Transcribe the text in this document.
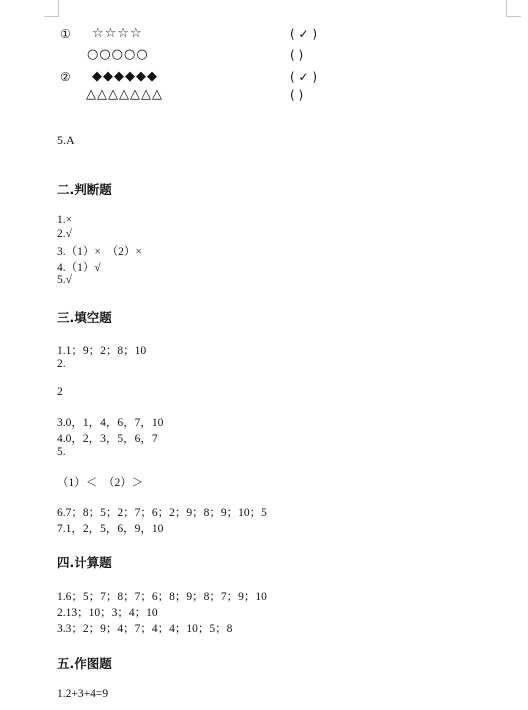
① ☆☆☆☆	( ✓ )
○○○○○	( )
② ◆◆◆◆◆◆	( ✓ )
△△△△△△△	( )
5.A
二.判断题
1.×
2.√
3.（1）×　（2）×
4.（1）√
5.√
三.填空题
1.1；9；2；8；10
2.
2
3.0，1，4，6，7，10
4.0，2，3，5，6，7
5.
（1）＜　（2）＞
6.7；8；5；2；7；6；2；9；8；9；10；5
7.1，2，5，6，9，10
四.计算题
1.6；5；7；8；7；6；8；9；8；7；9；10
2.13；10；3；4；10
3.3；2；9；4；7；4；4；10；5；8
五.作图题
1.2+3+4=9
